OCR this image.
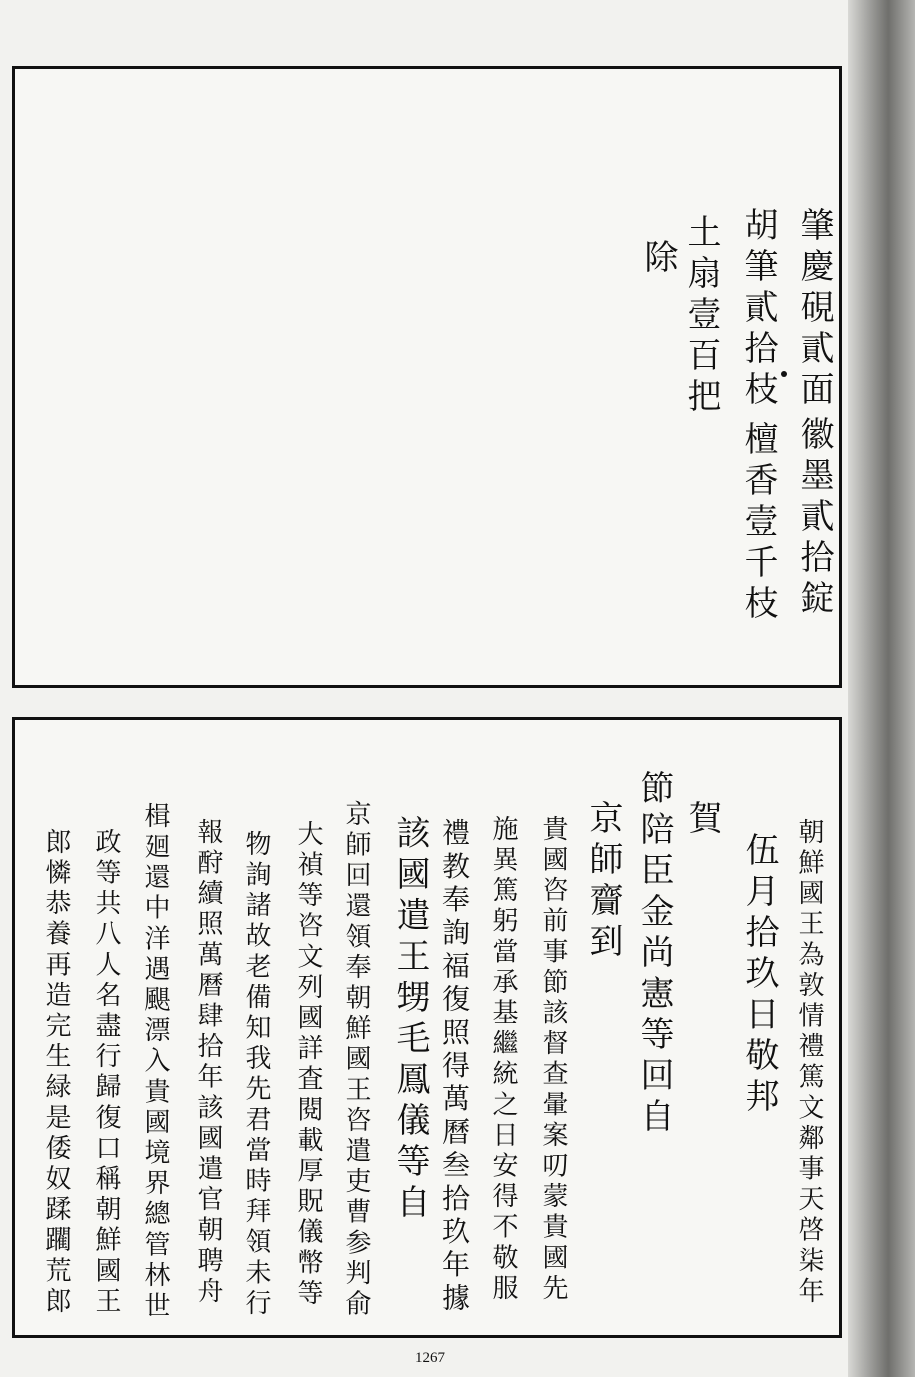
肇慶硯貳面
胡筆貳拾枝
土扇壹百把
除
徽墨貳拾錠
檀香壹千枝
朝鮮國王為敦情禮篤文鄰事天啓柒年
伍月拾玖日敬邦
賀
節陪臣金尚憲等回自
京師齎到
貴國咨前事節該督查暈案叨蒙貴國先
施異篤躬當承基繼統之日安得不敬服
禮教奉詢福復照得萬曆叁拾玖年據
該國遣王甥毛鳳儀等自
京師回還領奉朝鮮國王咨遣吏曹参判俞
大禎等咨文列國詳査閱載厚貺儀幣等
物詢諸故老備知我先君當時拜領未行
報酧續照萬曆肆拾年該國遣官朝聘舟
楫廻還中洋遇颶漂入貴國境界總管林世
政等共八人名盡行歸復口稱朝鮮國王
郎憐恭養再造完生緑是倭奴蹂躙荒郎
1267
